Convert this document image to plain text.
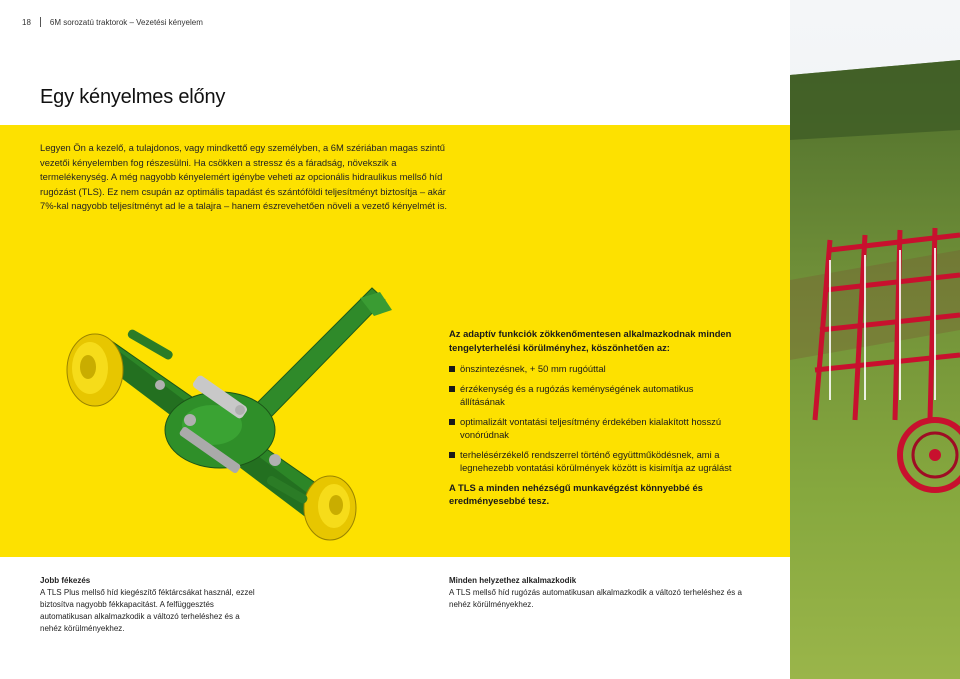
18 6M sorozatú traktorok – Vezetési kényelem
Egy kényelmes előny

Legyen Ön a kezelő, a tulajdonos, vagy mindkettő egy személyben, a 6M szériában magas szintű vezetői kényelemben fog részesülni. Ha csökken a stressz és a fáradság, növekszik a termelékenység. A még nagyobb kényelemért igénybe veheti az opcionális hidraulikus mellső híd rugózást (TLS). Ez nem csupán az optimális tapadást és szántóföldi teljesítményt biztosítja – akár 7%-kal nagyobb teljesítményt ad le a talajra – hanem észrevehetően növeli a vezető kényelmét is.

Az adaptív funkciók zökkenőmentesen alkalmazkodnak minden tengelyterhelési körülményhez, köszönhetően az:

önszintezésnek, + 50 mm rugóúttal
érzékenység és a rugózás keménységének automatikus állításának
optimalizált vontatási teljesítmény érdekében kialakított hosszú vonórúdnak
terhelésérzékelő rendszerrel történő együttműködésnek, ami a legnehezebb vontatási körülmények között is kisimítja az ugrálást

A TLS a minden nehézségű munkavégzést könnyebbé és eredményesebbé tesz.

Jobb fékezés

A TLS Plus mellső híd kiegészítő féktárcsákat használ, ezzel biztosítva nagyobb fékkapacitást. A felfüggesztés automatikusan alkalmazkodik a változó terheléshez és a nehéz körülményekhez.

Minden helyzethez alkalmazkodik

A TLS mellső híd rugózás automatikusan alkalmazkodik a változó terheléshez és a nehéz körülményekhez.
